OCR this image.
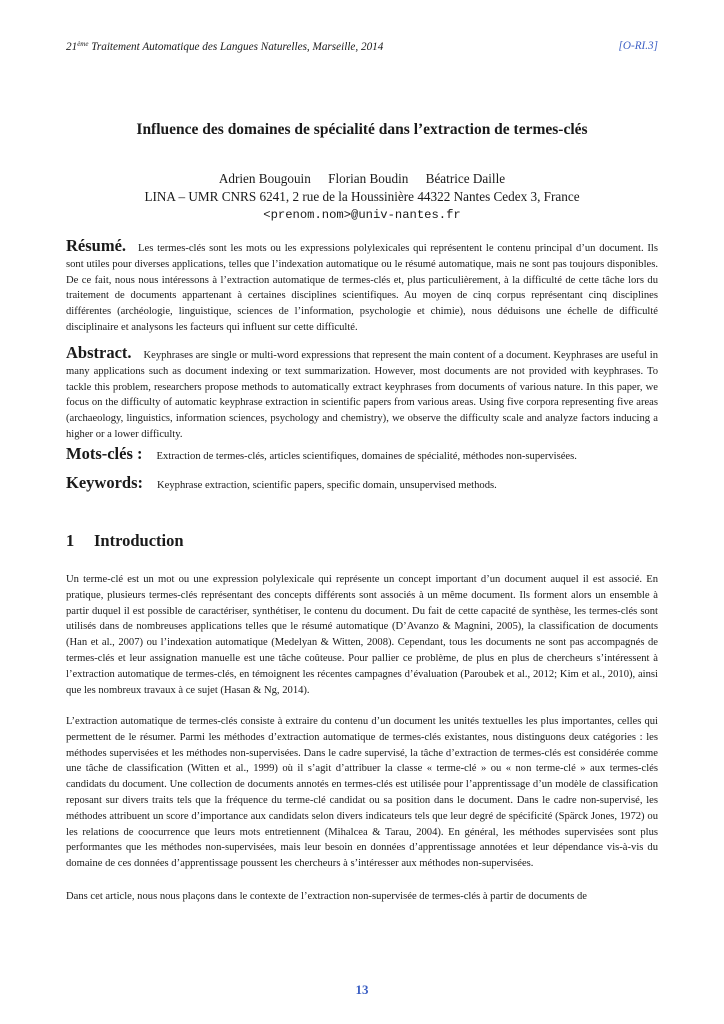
21ème Traitement Automatique des Langues Naturelles, Marseille, 2014	[O-RI.3]
Influence des domaines de spécialité dans l’extraction de termes-clés
Adrien Bougouin Florian Boudin Béatrice Daille
LINA – UMR CNRS 6241, 2 rue de la Houssinière 44322 Nantes Cedex 3, France
<prenom.nom>@univ-nantes.fr
Résumé. Les termes-clés sont les mots ou les expressions polylexicales qui représentent le contenu principal d’un document. Ils sont utiles pour diverses applications, telles que l’indexation automatique ou le résumé automatique, mais ne sont pas toujours disponibles. De ce fait, nous nous intéressons à l’extraction automatique de termes-clés et, plus particulièrement, à la difficulté de cette tâche lors du traitement de documents appartenant à certaines disciplines scientifiques. Au moyen de cinq corpus représentant cinq disciplines différentes (archéologie, linguistique, sciences de l’information, psychologie et chimie), nous déduisons une échelle de difficulté disciplinaire et analysons les facteurs qui influent sur cette difficulté.
Abstract. Keyphrases are single or multi-word expressions that represent the main content of a document. Keyphrases are useful in many applications such as document indexing or text summarization. However, most documents are not provided with keyphrases. To tackle this problem, researchers propose methods to automatically extract keyphrases from documents of various nature. In this paper, we focus on the difficulty of automatic keyphrase extraction in scientific papers from various areas. Using five corpora representing five areas (archaeology, linguistics, information sciences, psychology and chemistry), we observe the difficulty scale and analyze factors inducing a higher or a lower difficulty.
Mots-clés : Extraction de termes-clés, articles scientifiques, domaines de spécialité, méthodes non-supervisées.
Keywords: Keyphrase extraction, scientific papers, specific domain, unsupervised methods.
1 Introduction

Un terme-clé est un mot ou une expression polylexicale qui représente un concept important d’un document auquel il est associé. En pratique, plusieurs termes-clés représentant des concepts différents sont associés à un même document. Ils forment alors un ensemble à partir duquel il est possible de caractériser, synthétiser, le contenu du document. Du fait de cette capacité de synthèse, les termes-clés sont utilisés dans de nombreuses applications telles que le résumé automatique (D’Avanzo & Magnini, 2005), la classification de documents (Han et al., 2007) ou l’indexation automatique (Medelyan & Witten, 2008). Cependant, tous les documents ne sont pas accompagnés de termes-clés et leur assignation manuelle est une tâche coûteuse. Pour pallier ce problème, de plus en plus de chercheurs s’intéressent à l’extraction automatique de termes-clés, en témoignent les récentes campagnes d’évaluation (Paroubek et al., 2012; Kim et al., 2010), ainsi que les nombreux travaux à ce sujet (Hasan & Ng, 2014).

L’extraction automatique de termes-clés consiste à extraire du contenu d’un document les unités textuelles les plus importantes, celles qui permettent de le résumer. Parmi les méthodes d’extraction automatique de termes-clés existantes, nous distinguons deux catégories : les méthodes supervisées et les méthodes non-supervisées. Dans le cadre supervisé, la tâche d’extraction de termes-clés est considérée comme une tâche de classification (Witten et al., 1999) où il s’agit d’attribuer la classe « terme-clé » ou « non terme-clé » aux termes-clés candidats du document. Une collection de documents annotés en termes-clés est utilisée pour l’apprentissage d’un modèle de classification reposant sur divers traits tels que la fréquence du terme-clé candidat ou sa position dans le document. Dans le cadre non-supervisé, les méthodes attribuent un score d’importance aux candidats selon divers indicateurs tels que leur degré de spécificité (Spärck Jones, 1972) ou les relations de coocurrence que leurs mots entretiennent (Mihalcea & Tarau, 2004). En général, les méthodes supervisées sont plus performantes que les méthodes non-supervisées, mais leur besoin en données d’apprentissage annotées et leur dépendance vis-à-vis du domaine de ces données d’apprentissage poussent les chercheurs à s’intéresser aux méthodes non-supervisées.

Dans cet article, nous nous plaçons dans le contexte de l’extraction non-supervisée de termes-clés à partir de documents de

13
